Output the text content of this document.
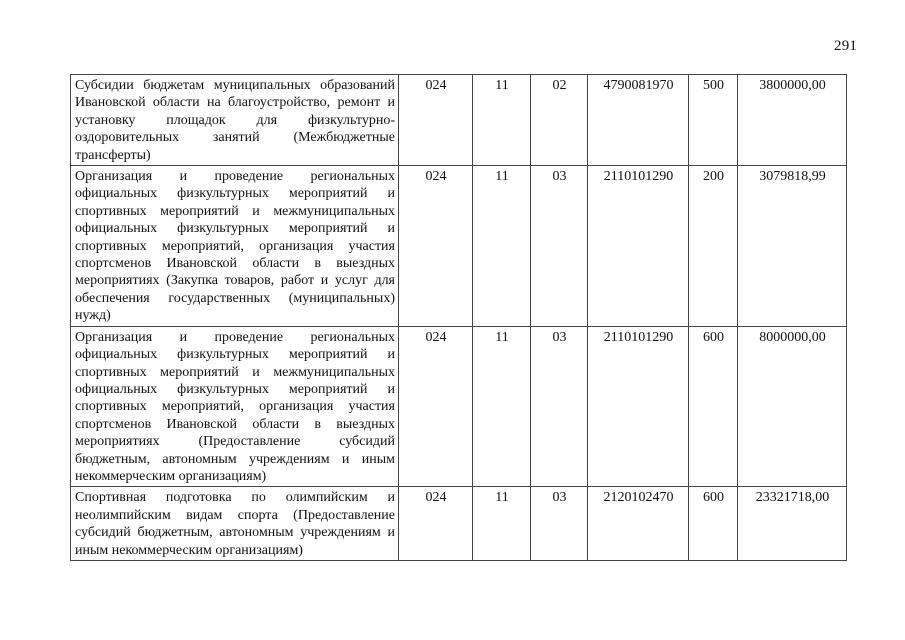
291
Субсидии бюджетам муниципальных образований Ивановской области на благоустройство, ремонт и установку площадок для физкультурно-оздоровительных занятий (Межбюджетные трансферты)	024	11	02	4790081970	500	3800000,00
Организация и проведение региональных официальных физкультурных мероприятий и спортивных мероприятий и межмуниципальных официальных физкультурных мероприятий и спортивных мероприятий, организация участия спортсменов Ивановской области в выездных мероприятиях (Закупка товаров, работ и услуг для обеспечения государственных (муниципальных) нужд)	024	11	03	2110101290	200	3079818,99
Организация и проведение региональных официальных физкультурных мероприятий и спортивных мероприятий и межмуниципальных официальных физкультурных мероприятий и спортивных мероприятий, организация участия спортсменов Ивановской области в выездных мероприятиях (Предоставление субсидий бюджетным, автономным учреждениям и иным некоммерческим организациям)	024	11	03	2110101290	600	8000000,00
Спортивная подготовка по олимпийским и неолимпийским видам спорта (Предоставление субсидий бюджетным, автономным учреждениям и иным некоммерческим организациям)	024	11	03	2120102470	600	23321718,00
